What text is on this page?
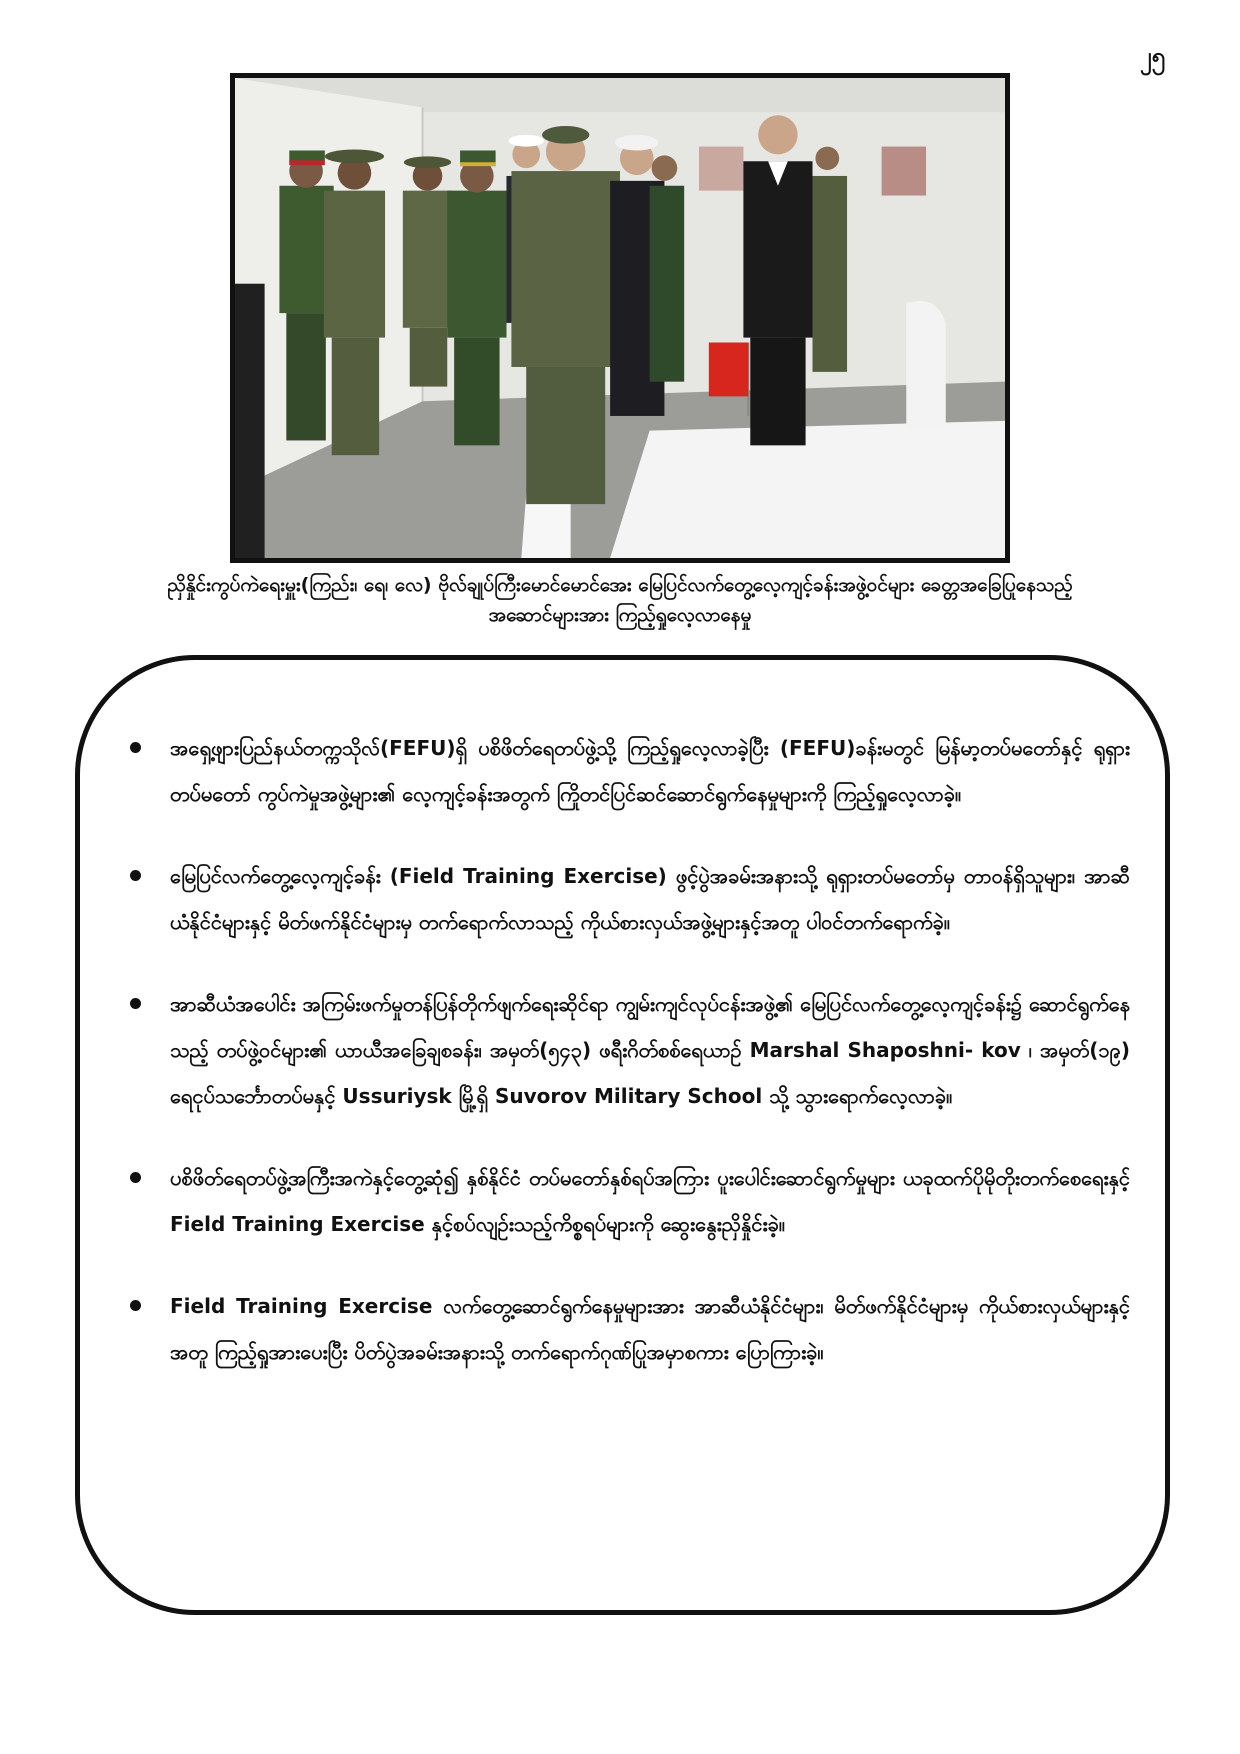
၂၅
ညှိနှိုင်းကွပ်ကဲရေးမှူး(ကြည်း၊ ရေ၊ လေ) ဗိုလ်ချုပ်ကြီးမောင်မောင်အေး မြေပြင်လက်တွေ့လေ့ကျင့်ခန်းအဖွဲ့ဝင်များ ခေတ္တအခြေပြုနေသည့်
အဆောင်များအား ကြည့်ရှုလေ့လာနေမှု
အရှေ့ဖျားပြည်နယ်တက္ကသိုလ်(FEFU)ရှိ ပစိဖိတ်ရေတပ်ဖွဲ့သို့ ကြည့်ရှုလေ့လာခဲ့ပြီး (FEFU)ခန်းမတွင် မြန်မာ့တပ်မတော်နှင့် ရုရှားတပ်မတော် ကွပ်ကဲမှုအဖွဲ့များ၏ လေ့ကျင့်ခန်းအတွက် ကြိုတင်ပြင်ဆင်ဆောင်ရွက်နေမှုများကို ကြည့်ရှုလေ့လာခဲ့။
မြေပြင်လက်တွေ့လေ့ကျင့်ခန်း (Field Training Exercise) ဖွင့်ပွဲအခမ်းအနားသို့ ရုရှားတပ်မတော်မှ တာဝန်ရှိသူများ၊ အာဆီယံနိုင်ငံများနှင့် မိတ်ဖက်နိုင်ငံများမှ တက်ရောက်လာသည့် ကိုယ်စားလှယ်အဖွဲ့များနှင့်အတူ ပါဝင်တက်ရောက်ခဲ့။
အာဆီယံအပေါင်း အကြမ်းဖက်မှုတန်ပြန်တိုက်ဖျက်ရေးဆိုင်ရာ ကျွမ်းကျင်လုပ်ငန်းအဖွဲ့၏ မြေပြင်လက်တွေ့လေ့ကျင့်ခန်း၌ ဆောင်ရွက်နေသည့် တပ်ဖွဲ့ဝင်များ၏ ယာယီအခြေချစခန်း၊ အမှတ်(၅၄၃) ဖရီးဂိတ်စစ်ရေယာဉ် Marshal Shaposhni- kov ၊ အမှတ်(၁၉) ရေငုပ်သင်္ဘောတပ်မနှင့် Ussuriysk မြို့ရှိ Suvorov Military School သို့ သွားရောက်လေ့လာခဲ့။
ပစိဖိတ်ရေတပ်ဖွဲ့အကြီးအကဲနှင့်တွေ့ဆုံ၍ နှစ်နိုင်ငံ တပ်မတော်နှစ်ရပ်အကြား ပူးပေါင်းဆောင်ရွက်မှုများ ယခုထက်ပိုမိုတိုးတက်စေရေးနှင့် Field Training Exercise နှင့်စပ်လျဉ်းသည့်ကိစ္စရပ်များကို ဆွေးနွေးညှိနှိုင်းခဲ့။
Field Training Exercise လက်တွေ့ဆောင်ရွက်နေမှုများအား အာဆီယံနိုင်ငံများ၊ မိတ်ဖက်နိုင်ငံများမှ ကိုယ်စားလှယ်များနှင့်အတူ ကြည့်ရှုအားပေးပြီး ပိတ်ပွဲအခမ်းအနားသို့ တက်ရောက်ဂုဏ်ပြုအမှာစကား ပြောကြားခဲ့။
